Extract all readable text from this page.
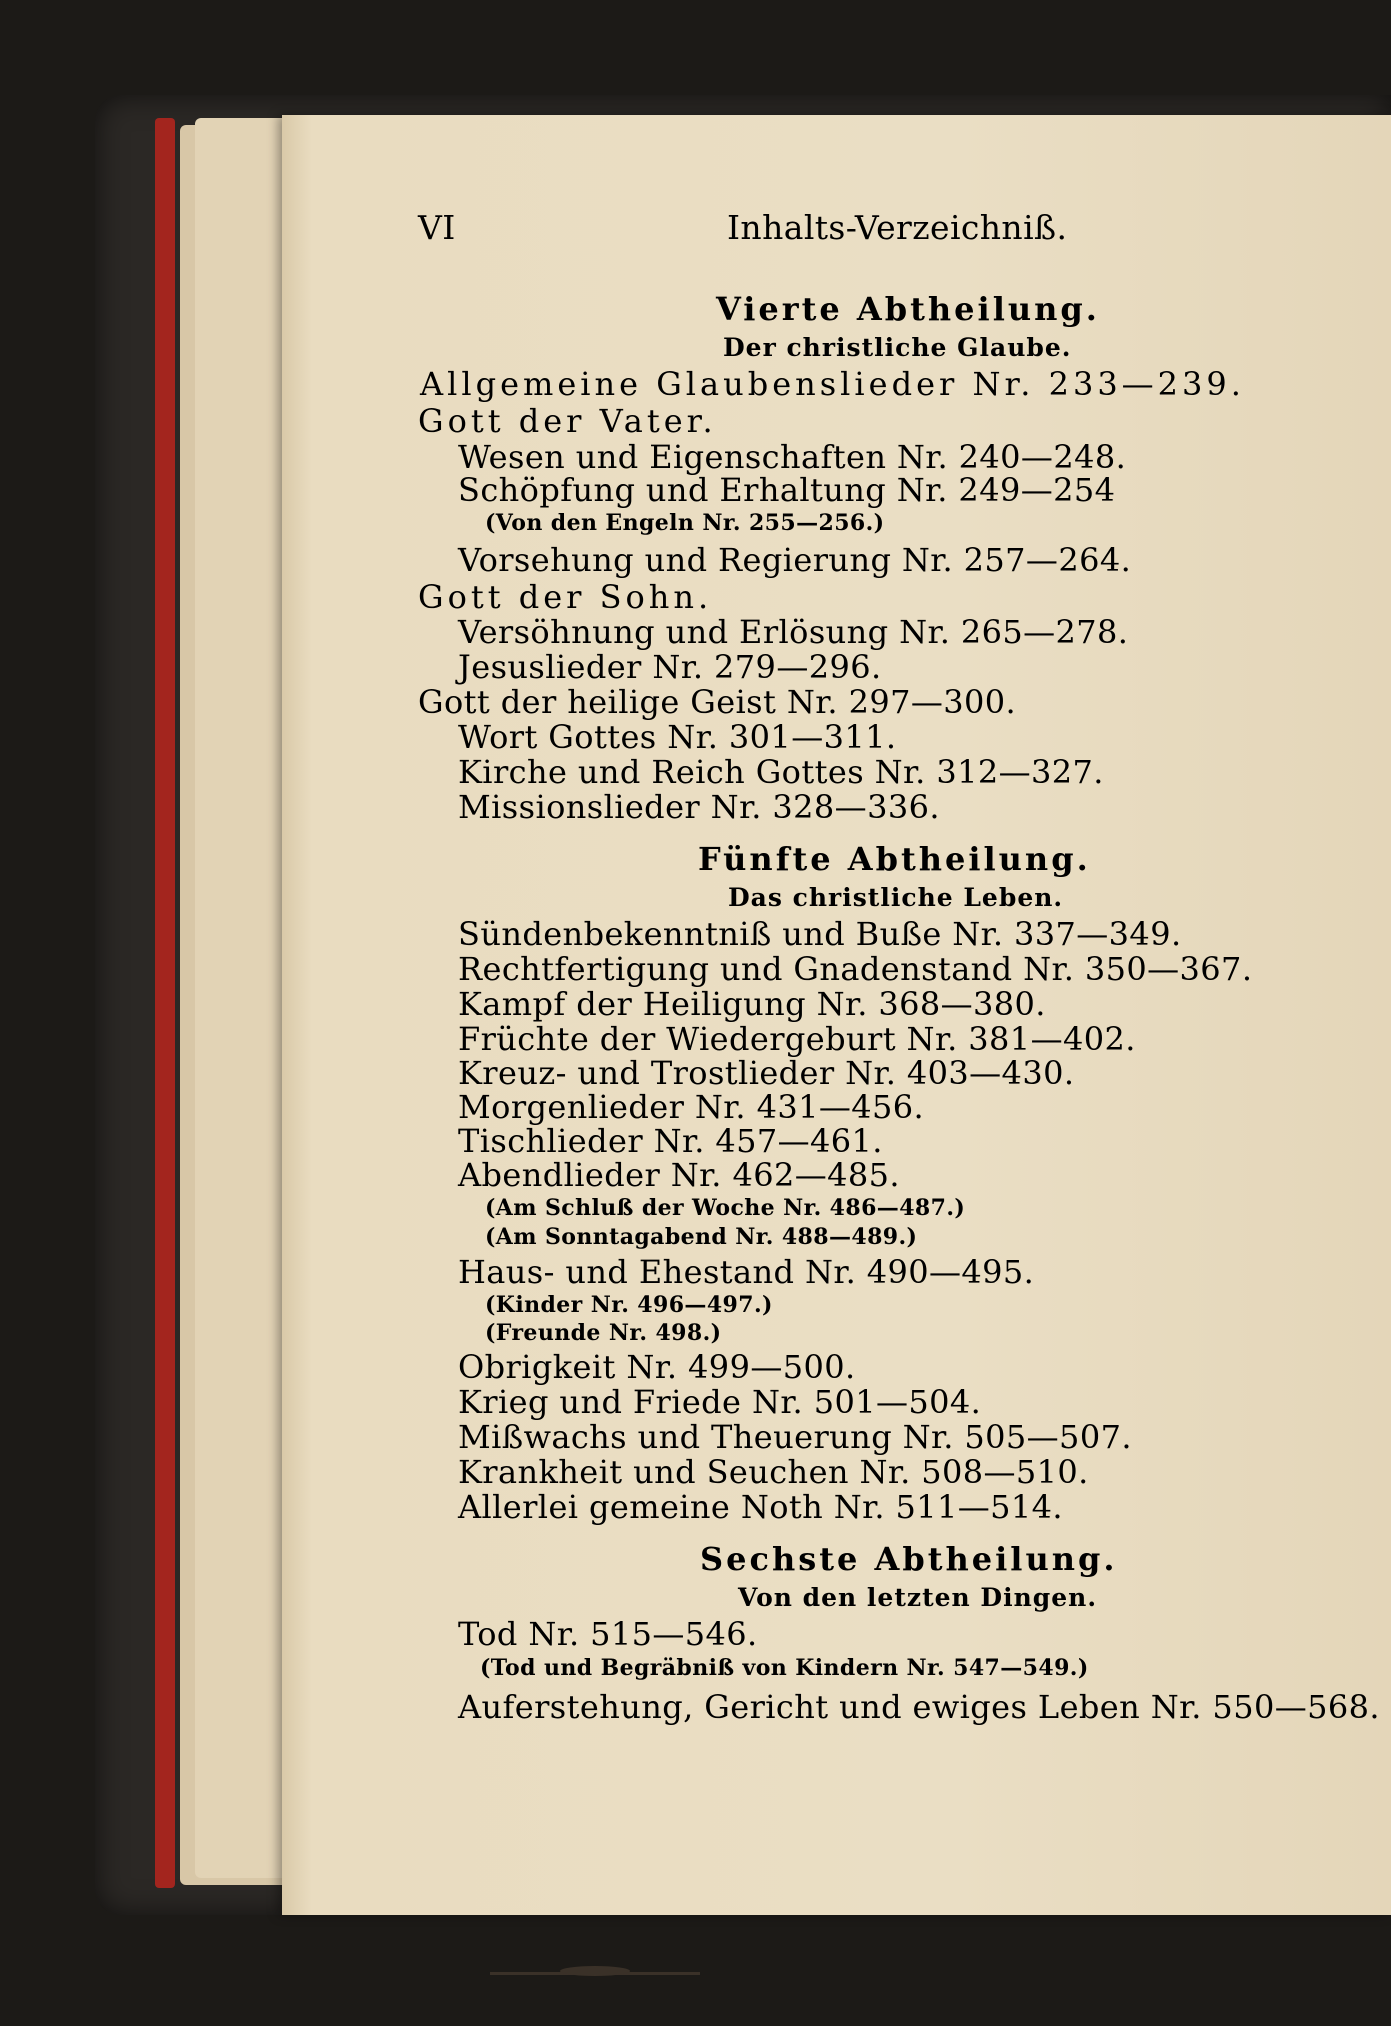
VI	Inhalts-Verzeichniß.
Vierte Abtheilung.
Der christliche Glaube.
Allgemeine Glaubenslieder Nr. 233—239.
Gott der Vater.
Wesen und Eigenschaften Nr. 240—248.
Schöpfung und Erhaltung Nr. 249—254
(Von den Engeln Nr. 255—256.)
Vorsehung und Regierung Nr. 257—264.
Gott der Sohn.
Versöhnung und Erlösung Nr. 265—278.
Jesuslieder Nr. 279—296.
Gott der heilige Geist Nr. 297—300.
Wort Gottes Nr. 301—311.
Kirche und Reich Gottes Nr. 312—327.
Missionslieder Nr. 328—336.
Fünfte Abtheilung.
Das christliche Leben.
Sündenbekenntniß und Buße Nr. 337—349.
Rechtfertigung und Gnadenstand Nr. 350—367.
Kampf der Heiligung Nr. 368—380.
Früchte der Wiedergeburt Nr. 381—402.
Kreuz- und Trostlieder Nr. 403—430.
Morgenlieder Nr. 431—456.
Tischlieder Nr. 457—461.
Abendlieder Nr. 462—485.
(Am Schluß der Woche Nr. 486—487.)
(Am Sonntagabend Nr. 488—489.)
Haus- und Ehestand Nr. 490—495.
(Kinder Nr. 496—497.)
(Freunde Nr. 498.)
Obrigkeit Nr. 499—500.
Krieg und Friede Nr. 501—504.
Mißwachs und Theuerung Nr. 505—507.
Krankheit und Seuchen Nr. 508—510.
Allerlei gemeine Noth Nr. 511—514.
Sechste Abtheilung.
Von den letzten Dingen.
Tod Nr. 515—546.
(Tod und Begräbniß von Kindern Nr. 547—549.)
Auferstehung, Gericht und ewiges Leben Nr. 550—568.
